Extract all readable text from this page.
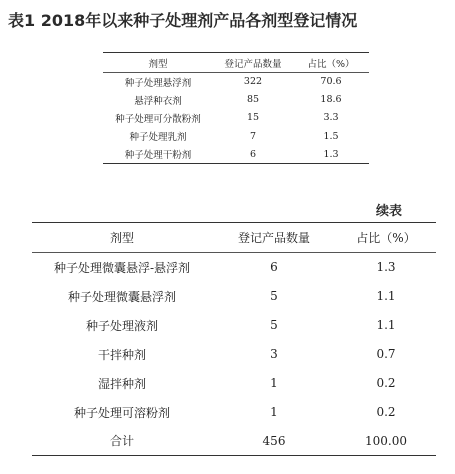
表1 2018年以来种子处理剂产品各剂型登记情况
剂型	登记产品数量	占比（%）
种子处理悬浮剂	322	70.6
悬浮种衣剂	85	18.6
种子处理可分散粉剂	15	3.3
种子处理乳剂	7	1.5
种子处理干粉剂	6	1.3
续表
剂型	登记产品数量	占比（%）
种子处理微囊悬浮-悬浮剂	6	1.3
种子处理微囊悬浮剂	5	1.1
种子处理液剂	5	1.1
干拌种剂	3	0.7
湿拌种剂	1	0.2
种子处理可溶粉剂	1	0.2
合计	456	100.00
